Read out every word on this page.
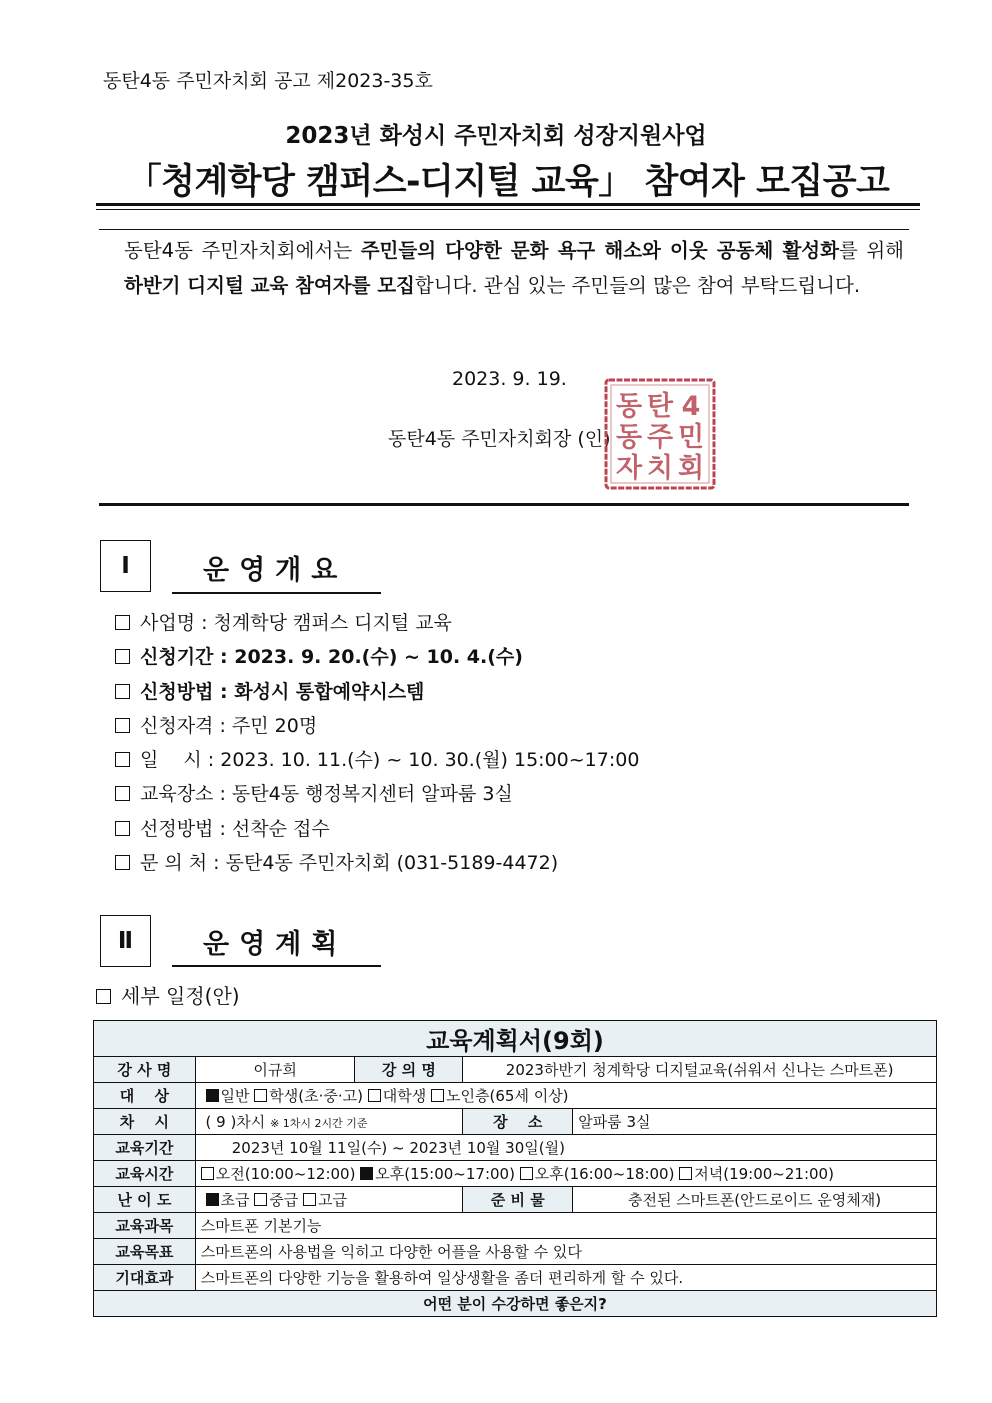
동탄4동 주민자치회 공고 제2023-35호
2023년 화성시 주민자치회 성장지원사업
「청계학당 캠퍼스-디지털 교육」 참여자 모집공고
동탄4동 주민자치회에서는 주민들의 다양한 문화 욕구 해소와 이웃 공동체 활성화를 위해 하반기 디지털 교육 참여자를 모집합니다. 관심 있는 주민들의 많은 참여 부탁드립니다.
2023. 9. 19.
동탄4동 주민자치회장 (인)
동 탄 4
동 주 민
자 치 회
Ⅰ	운영개요
사업명 : 청계학당 캠퍼스 디지털 교육
신청기간 : 2023. 9. 20.(수) ~ 10. 4.(수)
신청방법 : 화성시 통합예약시스템
신청자격 : 주민 20명
일　 시 : 2023. 10. 11.(수) ~ 10. 30.(월) 15:00~17:00
교육장소 : 동탄4동 행정복지센터 알파룸 3실
선정방법 : 선착순 접수
문 의 처 : 동탄4동 주민자치회 (031-5189-4472)
Ⅱ	운영계획
세부 일정(안)
교육계획서(9회)				
강 사 명	이규희	강 의 명	2023하반기 청계학당 디지털교육(쉬워서 신나는 스마트폰)	
대　 상	일반 학생(초·중·고) 대학생 노인층(65세 이상)			
차　 시	( 9 )차시 ※ 1차시 2시간 기준		장　 소	알파룸 3실
교육기간	2023년 10월 11일(수) ~ 2023년 10월 30일(월)			
교육시간	오전(10:00~12:00) 오후(15:00~17:00) 오후(16:00~18:00) 저녁(19:00~21:00)			
난 이 도	초급 중급 고급		준 비 물	충전된 스마트폰(안드로이드 운영체재)
교육과목	스마트폰 기본기능			
교육목표	스마트폰의 사용법을 익히고 다양한 어플을 사용할 수 있다			
기대효과	스마트폰의 다양한 기능을 활용하여 일상생활을 좀더 편리하게 할 수 있다.			
어떤 분이 수강하면 좋은지?				
